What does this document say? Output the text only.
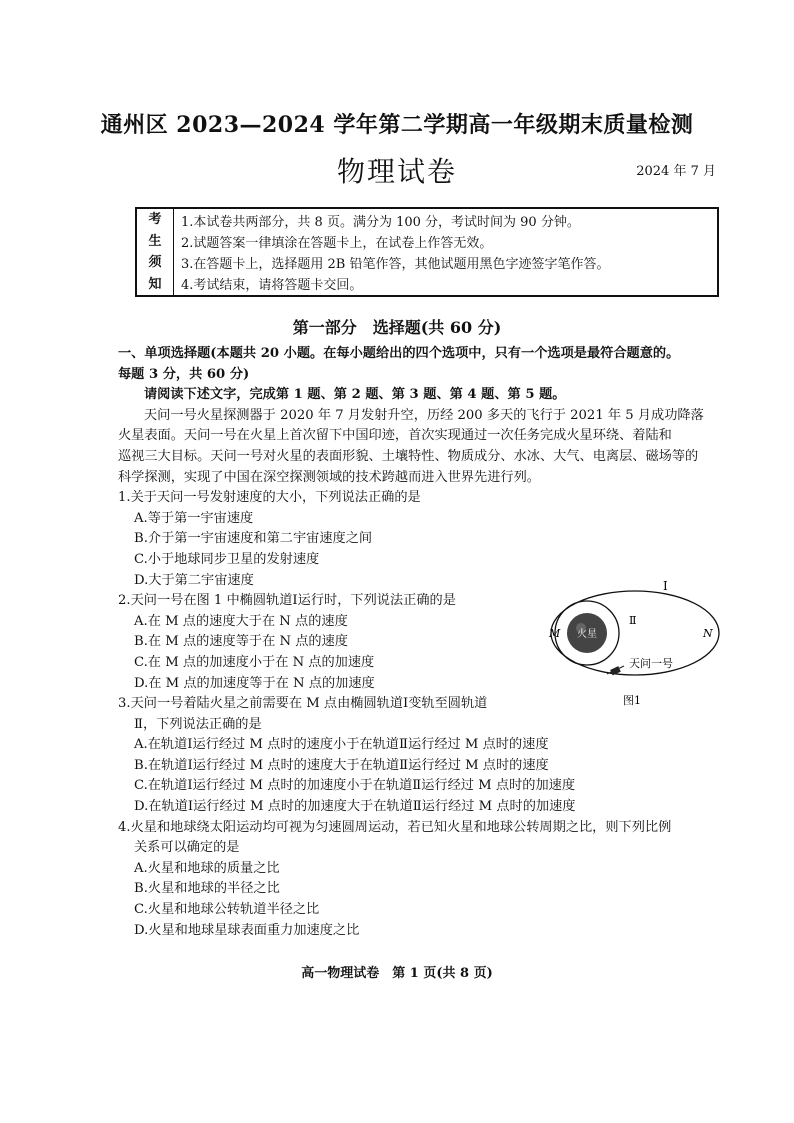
通州区 2023—2024 学年第二学期高一年级期末质量检测
物理试卷	2024 年 7 月
考
生
须
知
1.本试卷共两部分，共 8 页。满分为 100 分，考试时间为 90 分钟。
2.试题答案一律填涂在答题卡上，在试卷上作答无效。
3.在答题卡上，选择题用 2B 铅笔作答，其他试题用黑色字迹签字笔作答。
4.考试结束，请将答题卡交回。
第一部分　选择题(共 60 分)
一、单项选择题(本题共 20 小题。在每小题给出的四个选项中，只有一个选项是最符合题意的。
每题 3 分，共 60 分)
请阅读下述文字，完成第 1 题、第 2 题、第 3 题、第 4 题、第 5 题。
天问一号火星探测器于 2020 年 7 月发射升空，历经 200 多天的飞行于 2021 年 5 月成功降落
火星表面。天问一号在火星上首次留下中国印迹，首次实现通过一次任务完成火星环绕、着陆和
巡视三大目标。天问一号对火星的表面形貌、土壤特性、物质成分、水冰、大气、电离层、磁场等的
科学探测，实现了中国在深空探测领域的技术跨越而进入世界先进行列。
1.关于天问一号发射速度的大小，下列说法正确的是
A.等于第一宇宙速度
B.介于第一宇宙速度和第二宇宙速度之间
C.小于地球同步卫星的发射速度
D.大于第二宇宙速度
2.天问一号在图 1 中椭圆轨道Ⅰ运行时，下列说法正确的是
A.在 M 点的速度大于在 N 点的速度
B.在 M 点的速度等于在 N 点的速度
C.在 M 点的加速度小于在 N 点的加速度
D.在 M 点的加速度等于在 N 点的加速度
3.天问一号着陆火星之前需要在 M 点由椭圆轨道Ⅰ变轨至圆轨道
Ⅱ，下列说法正确的是
A.在轨道Ⅰ运行经过 M 点时的速度小于在轨道Ⅱ运行经过 M 点时的速度
B.在轨道Ⅰ运行经过 M 点时的速度大于在轨道Ⅱ运行经过 M 点时的速度
C.在轨道Ⅰ运行经过 M 点时的加速度小于在轨道Ⅱ运行经过 M 点时的加速度
D.在轨道Ⅰ运行经过 M 点时的加速度大于在轨道Ⅱ运行经过 M 点时的加速度
4.火星和地球绕太阳运动均可视为匀速圆周运动，若已知火星和地球公转周期之比，则下列比例
关系可以确定的是
A.火星和地球的质量之比
B.火星和地球的半径之比
C.火星和地球公转轨道半径之比
D.火星和地球星球表面重力加速度之比
火星
Ⅰ
Ⅱ
M	N
天问一号
图1
高一物理试卷　第 1 页(共 8 页)
